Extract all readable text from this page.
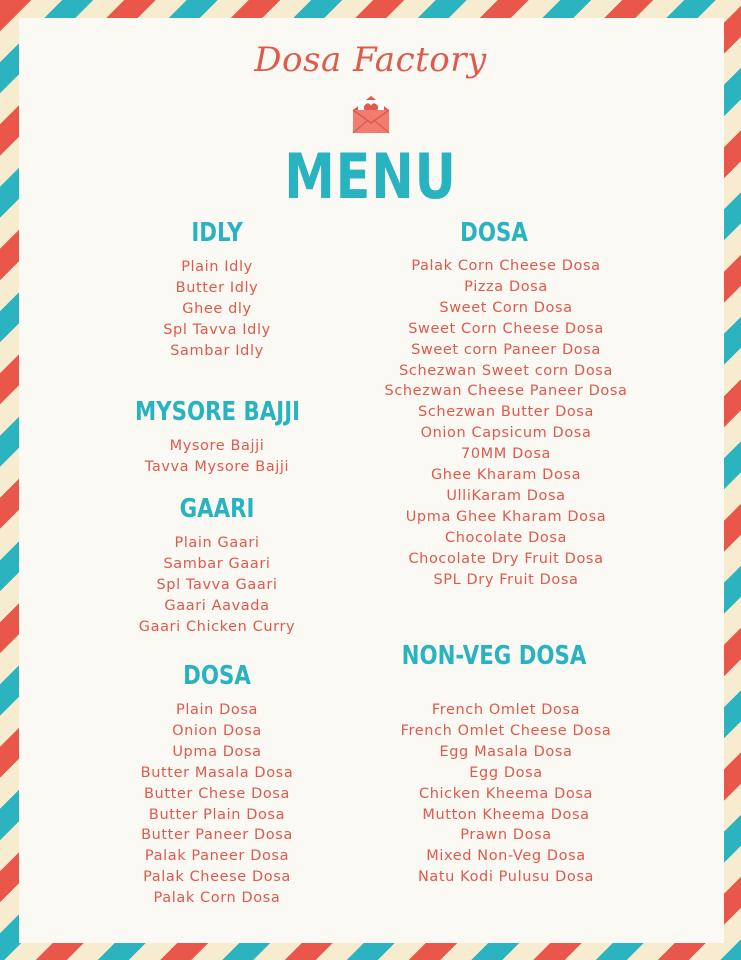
Dosa Factory
MENU
IDLY
Plain Idly
Butter Idly
Ghee dly
Spl Tavva Idly
Sambar Idly
MYSORE BAJJI
Mysore Bajji
Tavva Mysore Bajji
GAARI
Plain Gaari
Sambar Gaari
Spl Tavva Gaari
Gaari Aavada
Gaari Chicken Curry
DOSA
Plain Dosa
Onion Dosa
Upma Dosa
Butter Masala Dosa
Butter Chese Dosa
Butter Plain Dosa
Butter Paneer Dosa
Palak Paneer Dosa
Palak Cheese Dosa
Palak Corn Dosa
DOSA
Palak Corn Cheese Dosa
Pizza Dosa
Sweet Corn Dosa
Sweet Corn Cheese Dosa
Sweet corn Paneer Dosa
Schezwan Sweet corn Dosa
Schezwan Cheese Paneer Dosa
Schezwan Butter Dosa
Onion Capsicum Dosa
70MM Dosa
Ghee Kharam Dosa
UlliKaram Dosa
Upma Ghee Kharam Dosa
Chocolate Dosa
Chocolate Dry Fruit Dosa
SPL Dry Fruit Dosa
NON-VEG DOSA
French Omlet Dosa
French Omlet Cheese Dosa
Egg Masala Dosa
Egg Dosa
Chicken Kheema Dosa
Mutton Kheema Dosa
Prawn Dosa
Mixed Non-Veg Dosa
Natu Kodi Pulusu Dosa
